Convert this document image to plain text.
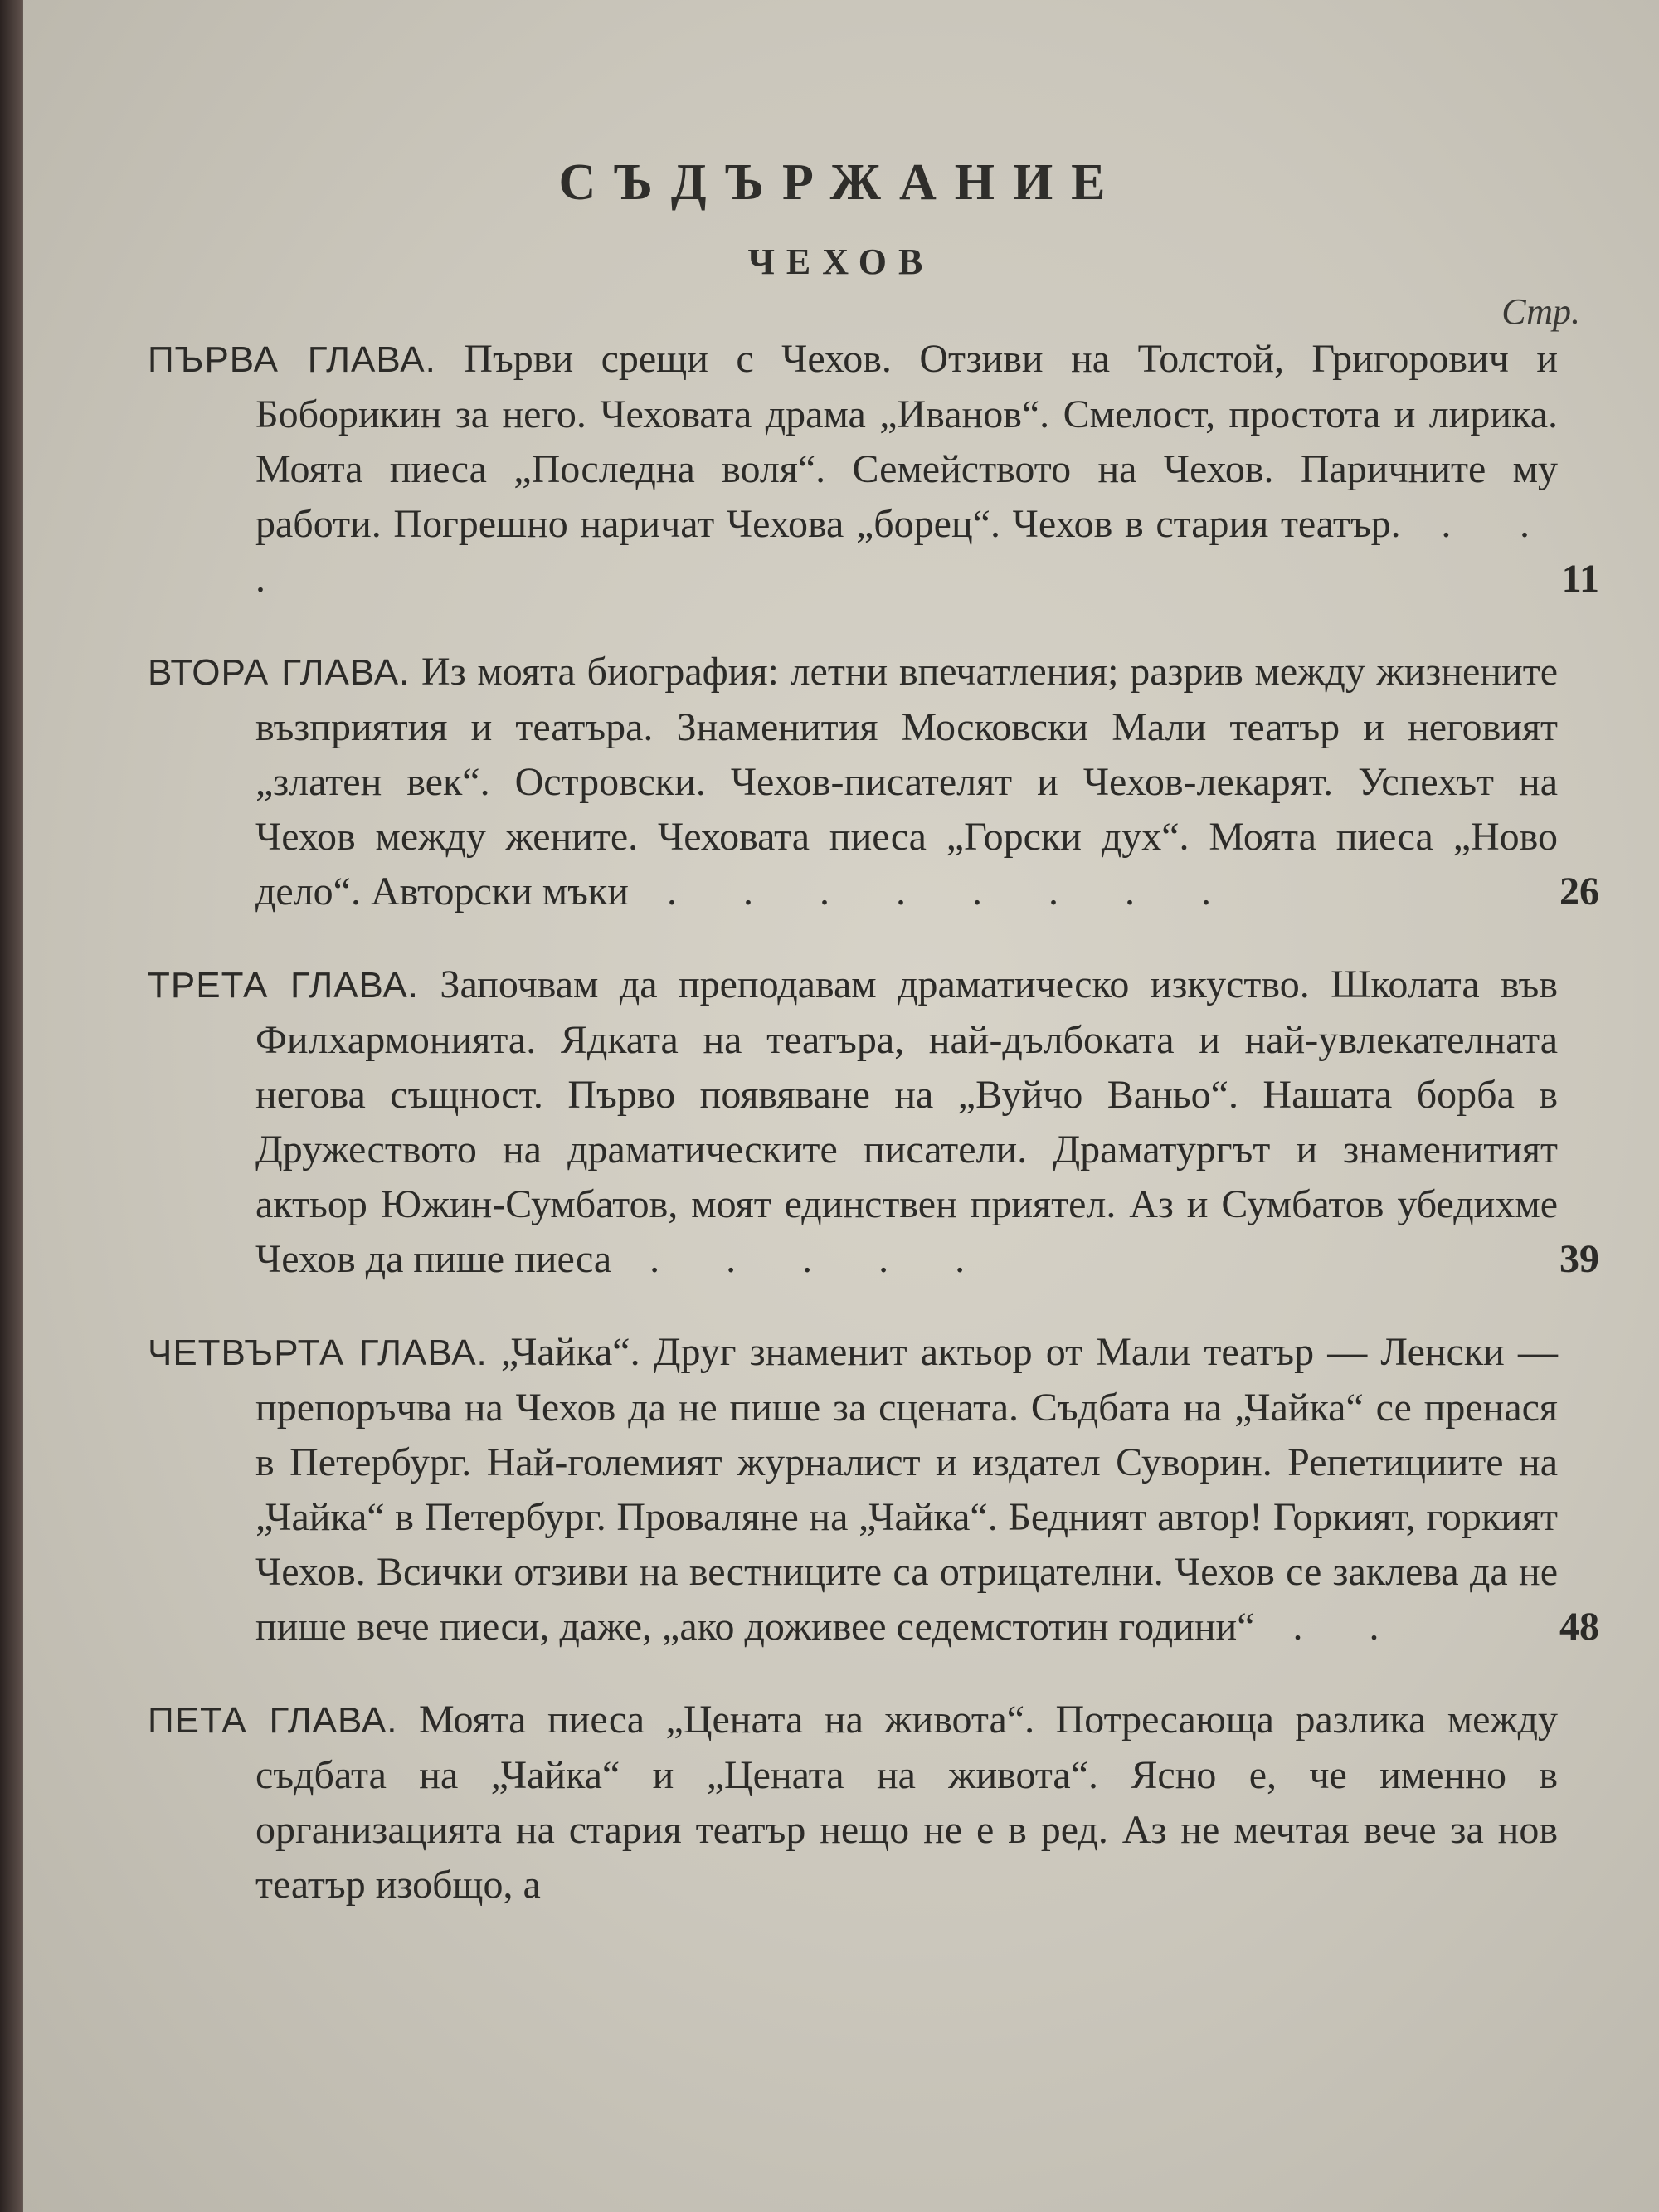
СЪДЪРЖАНИЕ
ЧЕХОВ
Стр.
ПЪРВА ГЛАВА. Първи срещи с Чехов. Отзиви на Толстой, Григорович и Боборикин за него. Чеховата драма „Иванов“. Смелост, простота и лирика. Моята пиеса „Последна воля“. Семейството на Чехов. Паричните му работи. Погрешно наричат Чехова „борец“. Чехов в стария театър. . . .	11
ВТОРА ГЛАВА. Из моята биография: летни впечатления; разрив между жизнените възприятия и театъра. Знаменития Московски Мали театър и неговият „златен век“. Островски. Чехов-писателят и Чехов-лекарят. Успехът на Чехов между жените. Чеховата пиеса „Горски дух“. Моята пиеса „Ново дело“. Авторски мъки . . . . . . . .	26
ТРЕТА ГЛАВА. Започвам да преподавам драматическо изкуство. Школата във Филхармонията. Ядката на театъра, най-дълбоката и най-увлекателната негова същност. Първо появяване на „Вуйчо Ваньо“. Нашата борба в Дружеството на драматическите писатели. Драматургът и знаменитият актьор Южин-Сумбатов, моят единствен приятел. Аз и Сумбатов убедихме Чехов да пише пиеса . . . . .	39
ЧЕТВЪРТА ГЛАВА. „Чайка“. Друг знаменит актьор от Мали театър — Ленски — препоръчва на Чехов да не пише за сцената. Съдбата на „Чайка“ се пренася в Петербург. Най-големият журналист и издател Суворин. Репетициите на „Чайка“ в Петербург. Проваляне на „Чайка“. Бедният автор! Горкият, горкият Чехов. Всички отзиви на вестниците са отрицателни. Чехов се заклева да не пише вече пиеси, даже, „ако доживее седемстотин години“ . .	48
ПЕТА ГЛАВА. Моята пиеса „Цената на живота“. Потресающа разлика между съдбата на „Чайка“ и „Цената на живота“. Ясно е, че именно в организацията на стария театър нещо не е в ред. Аз не мечтая вече за нов театър изобщо, а
